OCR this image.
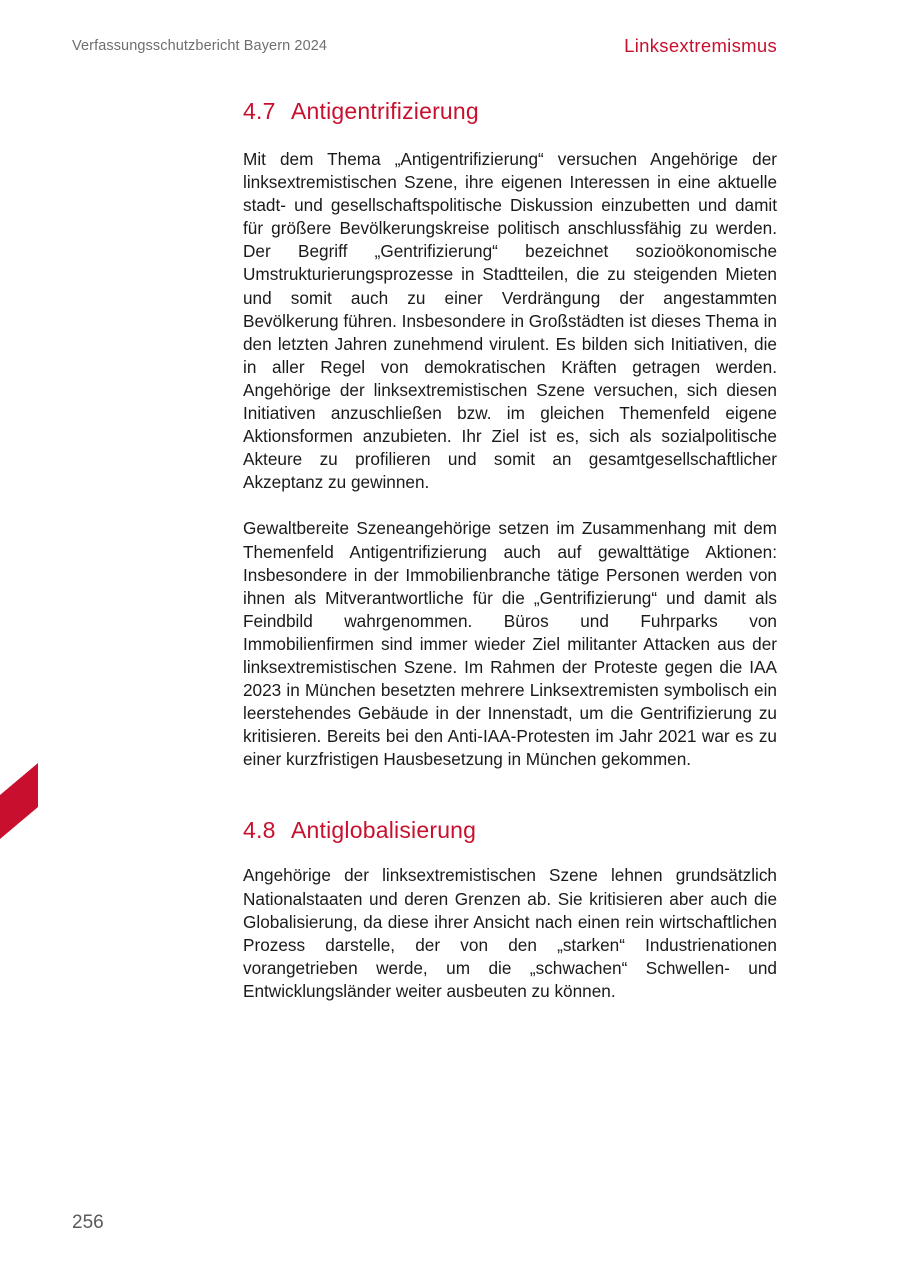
Verfassungsschutzbericht Bayern 2024	Linksextremismus
4.7 Antigentrifizierung

Mit dem Thema „Antigentrifizierung“ versuchen Angehörige der linksextremistischen Szene, ihre eigenen Interessen in eine aktuelle stadt- und gesellschaftspolitische Diskussion einzubetten und damit für größere Bevölkerungskreise politisch anschlussfähig zu werden. Der Begriff „Gentrifizierung“ bezeichnet sozioökonomische Umstrukturierungsprozesse in Stadtteilen, die zu steigenden Mieten und somit auch zu einer Verdrängung der angestammten Bevölkerung führen. Insbesondere in Großstädten ist dieses Thema in den letzten Jahren zunehmend virulent. Es bilden sich Initiativen, die in aller Regel von demokratischen Kräften getragen werden. Angehörige der linksextremistischen Szene versuchen, sich diesen Initiativen anzuschließen bzw. im gleichen Themenfeld eigene Aktionsformen anzubieten. Ihr Ziel ist es, sich als sozialpolitische Akteure zu profilieren und somit an gesamtgesellschaftlicher Akzeptanz zu gewinnen.

Gewaltbereite Szeneangehörige setzen im Zusammenhang mit dem Themenfeld Antigentrifizierung auch auf gewalttätige Aktionen: Insbesondere in der Immobilienbranche tätige Personen werden von ihnen als Mitverantwortliche für die „Gentrifizierung“ und damit als Feindbild wahrgenommen. Büros und Fuhrparks von Immobilienfirmen sind immer wieder Ziel militanter Attacken aus der linksextremistischen Szene. Im Rahmen der Proteste gegen die IAA 2023 in München besetzten mehrere Linksextremisten symbolisch ein leerstehendes Gebäude in der Innenstadt, um die Gentrifizierung zu kritisieren. Bereits bei den Anti-IAA-Protesten im Jahr 2021 war es zu einer kurzfristigen Hausbesetzung in München gekommen.

4.8 Antiglobalisierung

Angehörige der linksextremistischen Szene lehnen grundsätzlich Nationalstaaten und deren Grenzen ab. Sie kritisieren aber auch die Globalisierung, da diese ihrer Ansicht nach einen rein wirtschaftlichen Prozess darstelle, der von den „starken“ Industrienationen vorangetrieben werde, um die „schwachen“ Schwellen- und Entwicklungsländer weiter ausbeuten zu können.

256
